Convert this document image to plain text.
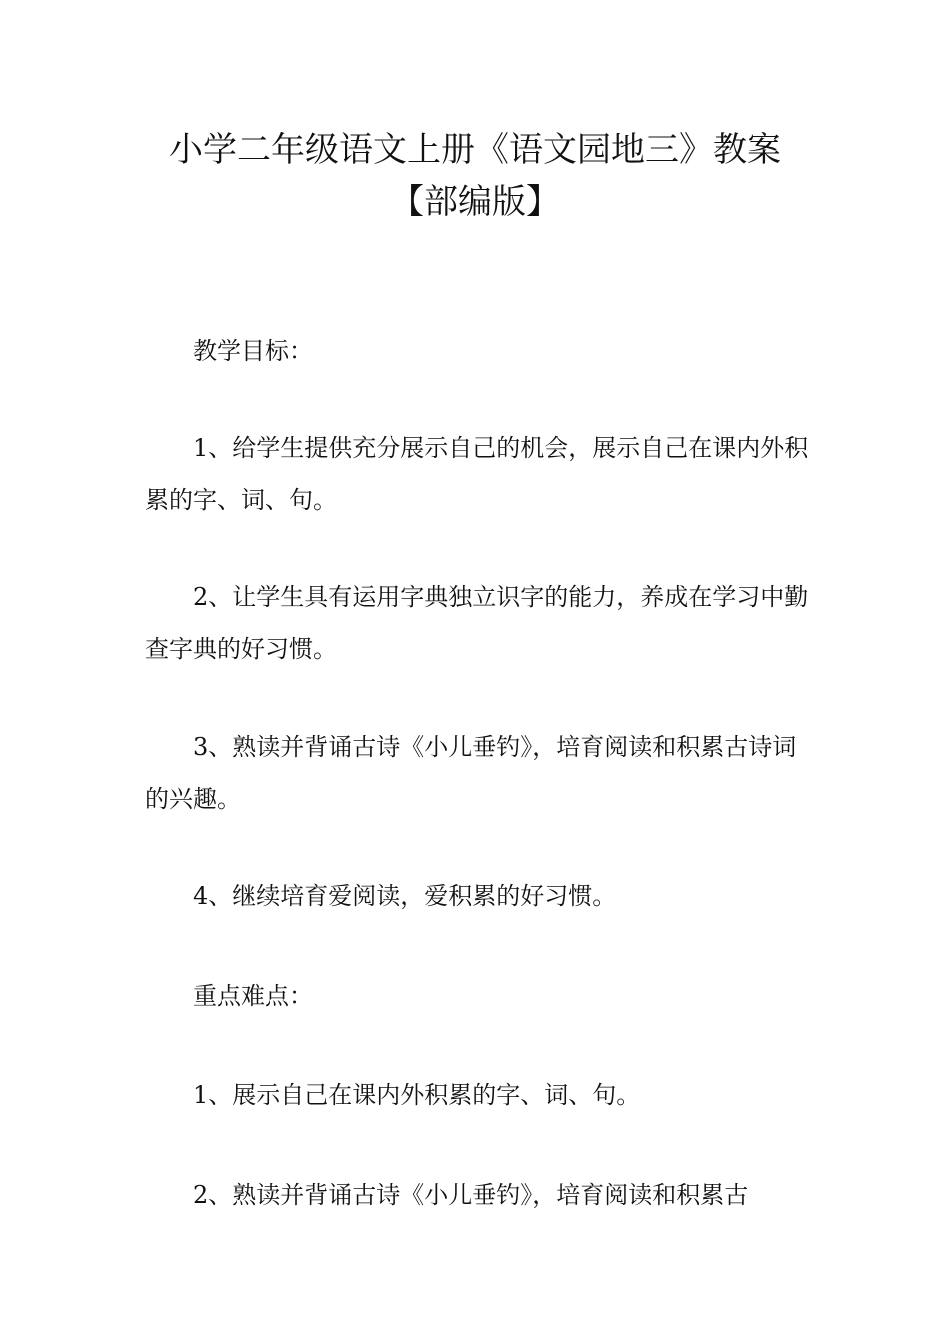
小学二年级语文上册《语文园地三》教案
【部编版】

教学目标：

1、给学生提供充分展示自己的机会，展示自己在课内外积累的字、词、句。

2、让学生具有运用字典独立识字的能力，养成在学习中勤查字典的好习惯。

3、熟读并背诵古诗《小儿垂钓》，培育阅读和积累古诗词的兴趣。

4、继续培育爱阅读，爱积累的好习惯。

重点难点：

1、展示自己在课内外积累的字、词、句。

2、熟读并背诵古诗《小儿垂钓》，培育阅读和积累古
